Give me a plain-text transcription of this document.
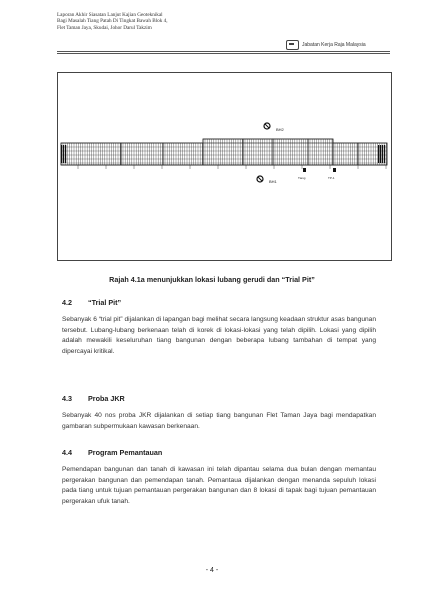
Laporan Akhir Siasatan Lanjut Kajian Geoteknikal
Bagi Masalah Tiang Patah Di Tingkat Bawah Blok 4,
Flet Taman Jaya, Skudai, Johor Darul Takzim
Jabatan Kerja Raja Malaysia
BH2
BH1
Tiang	TP-1
Rajah 4.1a menunjukkan lokasi lubang gerudi dan “Trial Pit”
4.2 “Trial Pit”
Sebanyak 6 “trial pit” dijalankan di lapangan bagi melihat secara langsung keadaan struktur asas bangunan tersebut. Lubang-lubang berkenaan telah di korek di lokasi-lokasi yang telah dipilih. Lokasi yang dipilih adalah mewakili keseluruhan tiang bangunan dengan beberapa lubang tambahan di tempat yang dipercayai kritikal.
4.3 Proba JKR
Sebanyak 40 nos proba JKR dijalankan di setiap tiang bangunan Flet Taman Jaya bagi mendapatkan gambaran subpermukaan kawasan berkenaan.
4.4 Program Pemantauan
Pemendapan bangunan dan tanah di kawasan ini telah dipantau selama dua bulan dengan memantau pergerakan bangunan dan pemendapan tanah. Pemantaua dijalankan dengan menanda sepuluh lokasi pada tiang untuk tujuan pemantauan pergerakan bangunan dan 8 lokasi di tapak bagi tujuan pemantauan pergerakan ufuk tanah.
- 4 -
